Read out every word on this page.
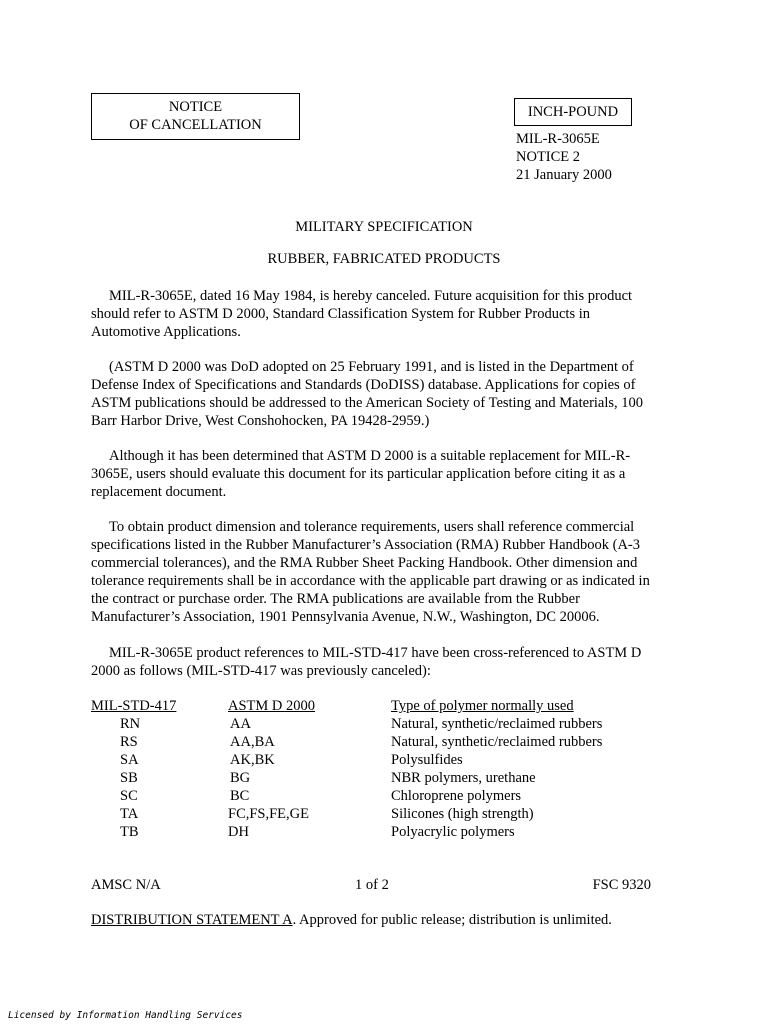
NOTICE
OF CANCELLATION
INCH-POUND
MIL-R-3065E
NOTICE 2
21 January 2000
MILITARY SPECIFICATION
RUBBER, FABRICATED PRODUCTS
MIL-R-3065E, dated 16 May 1984, is hereby canceled. Future acquisition for this product should refer to ASTM D 2000, Standard Classification System for Rubber Products in Automotive Applications.
(ASTM D 2000 was DoD adopted on 25 February 1991, and is listed in the Department of Defense Index of Specifications and Standards (DoDISS) database. Applications for copies of ASTM publications should be addressed to the American Society of Testing and Materials, 100 Barr Harbor Drive, West Conshohocken, PA 19428-2959.)
Although it has been determined that ASTM D 2000 is a suitable replacement for MIL-R-3065E, users should evaluate this document for its particular application before citing it as a replacement document.
To obtain product dimension and tolerance requirements, users shall reference commercial specifications listed in the Rubber Manufacturer’s Association (RMA) Rubber Handbook (A-3 commercial tolerances), and the RMA Rubber Sheet Packing Handbook. Other dimension and tolerance requirements shall be in accordance with the applicable part drawing or as indicated in the contract or purchase order. The RMA publications are available from the Rubber Manufacturer’s Association, 1901 Pennsylvania Avenue, N.W., Washington, DC 20006.
MIL-R-3065E product references to MIL-STD-417 have been cross-referenced to ASTM D 2000 as follows (MIL-STD-417 was previously canceled):
MIL-STD-417	ASTM D 2000	Type of polymer normally used
RN	AA	Natural, synthetic/reclaimed rubbers
RS	AA,BA	Natural, synthetic/reclaimed rubbers
SA	AK,BK	Polysulfides
SB	BG	NBR polymers, urethane
SC	BC	Chloroprene polymers
TA	FC,FS,FE,GE	Silicones (high strength)
TB	DH	Polyacrylic polymers
AMSC N/A	1 of 2	FSC 9320
DISTRIBUTION STATEMENT A. Approved for public release; distribution is unlimited.
Licensed by Information Handling Services
